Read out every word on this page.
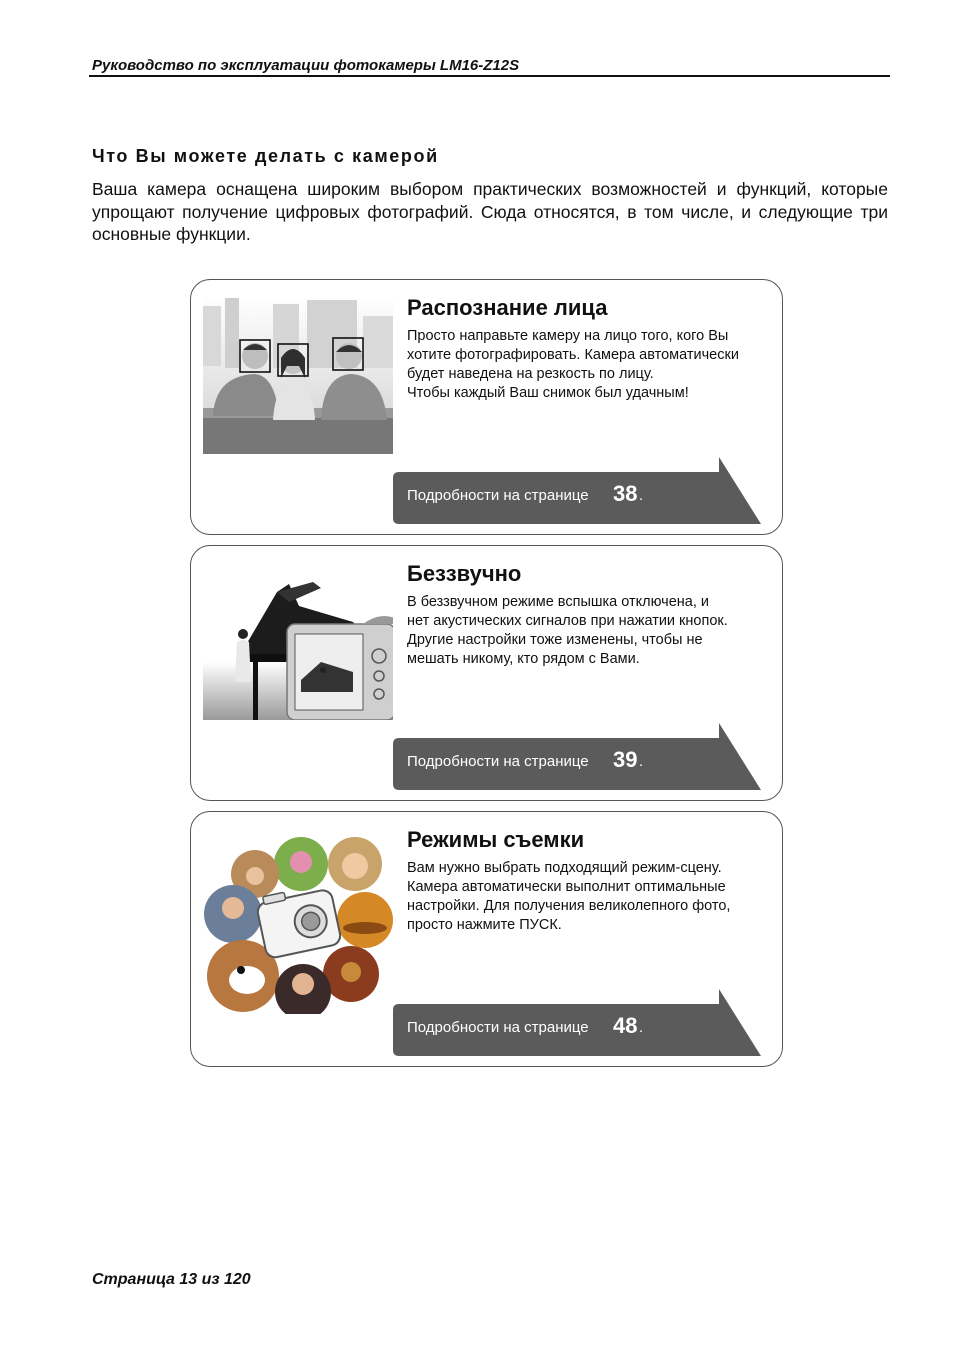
Руководство по эксплуатации фотокамеры LM16-Z12S
Что Вы можете делать с камерой
Ваша камера оснащена широким выбором практических возможностей и функций, которые упрощают получение цифровых фотографий. Сюда относятся, в том числе, и следующие три основные функции.
Распознание лица

Просто направьте камеру на лицо того, кого Вы

хотите фотографировать. Камера автоматически

будет наведена на резкость по лицу.

Чтобы каждый Ваш снимок был удачным!

Подробности на странице 38 .
Беззвучно

В беззвучном режиме вспышка отключена, и

нет акустических сигналов при нажатии кнопок.

Другие настройки тоже изменены, чтобы не

мешать никому, кто рядом с Вами.

Подробности на странице 39 .
Режимы съемки

Вам нужно выбрать подходящий режим-сцену.

Камера автоматически выполнит оптимальные

настройки. Для получения великолепного фото,

просто нажмите ПУСК.

Подробности на странице 48 .
Страница 13 из 120
